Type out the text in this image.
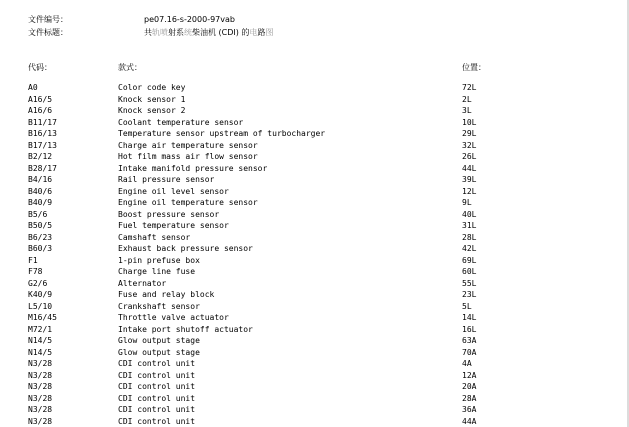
文件编号：	pe07.16-s-2000-97vab
文件标题：	共轨喷射系统柴油机 (CDI) 的电路图
代码：	款式：	位置：
A0	Color code key	72L
A16/5	Knock sensor 1	2L
A16/6	Knock sensor 2	3L
B11/17	Coolant temperature sensor	10L
B16/13	Temperature sensor upstream of turbocharger	29L
B17/13	Charge air temperature sensor	32L
B2/12	Hot film mass air flow sensor	26L
B28/17	Intake manifold pressure sensor	44L
B4/16	Rail pressure sensor	39L
B40/6	Engine oil level sensor	12L
B40/9	Engine oil temperature sensor	9L
B5/6	Boost pressure sensor	40L
B50/5	Fuel temperature sensor	31L
B6/23	Camshaft sensor	28L
B60/3	Exhaust back pressure sensor	42L
F1	1-pin prefuse box	69L
F78	Charge line fuse	60L
G2/6	Alternator	55L
K40/9	Fuse and relay block	23L
L5/10	Crankshaft sensor	5L
M16/45	Throttle valve actuator	14L
M72/1	Intake port shutoff actuator	16L
N14/5	Glow output stage	63A
N14/5	Glow output stage	70A
N3/28	CDI control unit	4A
N3/28	CDI control unit	12A
N3/28	CDI control unit	20A
N3/28	CDI control unit	28A
N3/28	CDI control unit	36A
N3/28	CDI control unit	44A
